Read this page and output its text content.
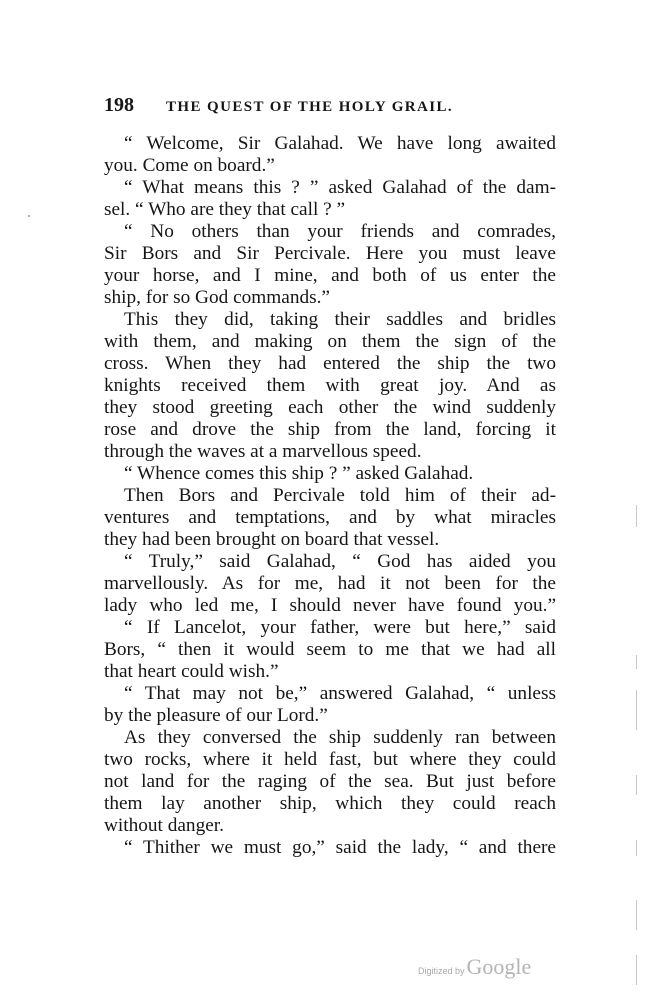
198 THE QUEST OF THE HOLY GRAIL.
“ Welcome, Sir Galahad. We have long awaited
you. Come on board.”
“ What means this ? ” asked Galahad of the dam-
sel. “ Who are they that call ? ”
“ No others than your friends and comrades,
Sir Bors and Sir Percivale. Here you must leave
your horse, and I mine, and both of us enter the
ship, for so God commands.”
This they did, taking their saddles and bridles
with them, and making on them the sign of the
cross. When they had entered the ship the two
knights received them with great joy. And as
they stood greeting each other the wind suddenly
rose and drove the ship from the land, forcing it
through the waves at a marvellous speed.
“ Whence comes this ship ? ” asked Galahad.
Then Bors and Percivale told him of their ad-
ventures and temptations, and by what miracles
they had been brought on board that vessel.
“ Truly,” said Galahad, “ God has aided you
marvellously. As for me, had it not been for the
lady who led me, I should never have found you.”
“ If Lancelot, your father, were but here,” said
Bors, “ then it would seem to me that we had all
that heart could wish.”
“ That may not be,” answered Galahad, “ unless
by the pleasure of our Lord.”
As they conversed the ship suddenly ran between
two rocks, where it held fast, but where they could
not land for the raging of the sea. But just before
them lay another ship, which they could reach
without danger.
“ Thither we must go,” said the lady, “ and there
Digitized by Google
